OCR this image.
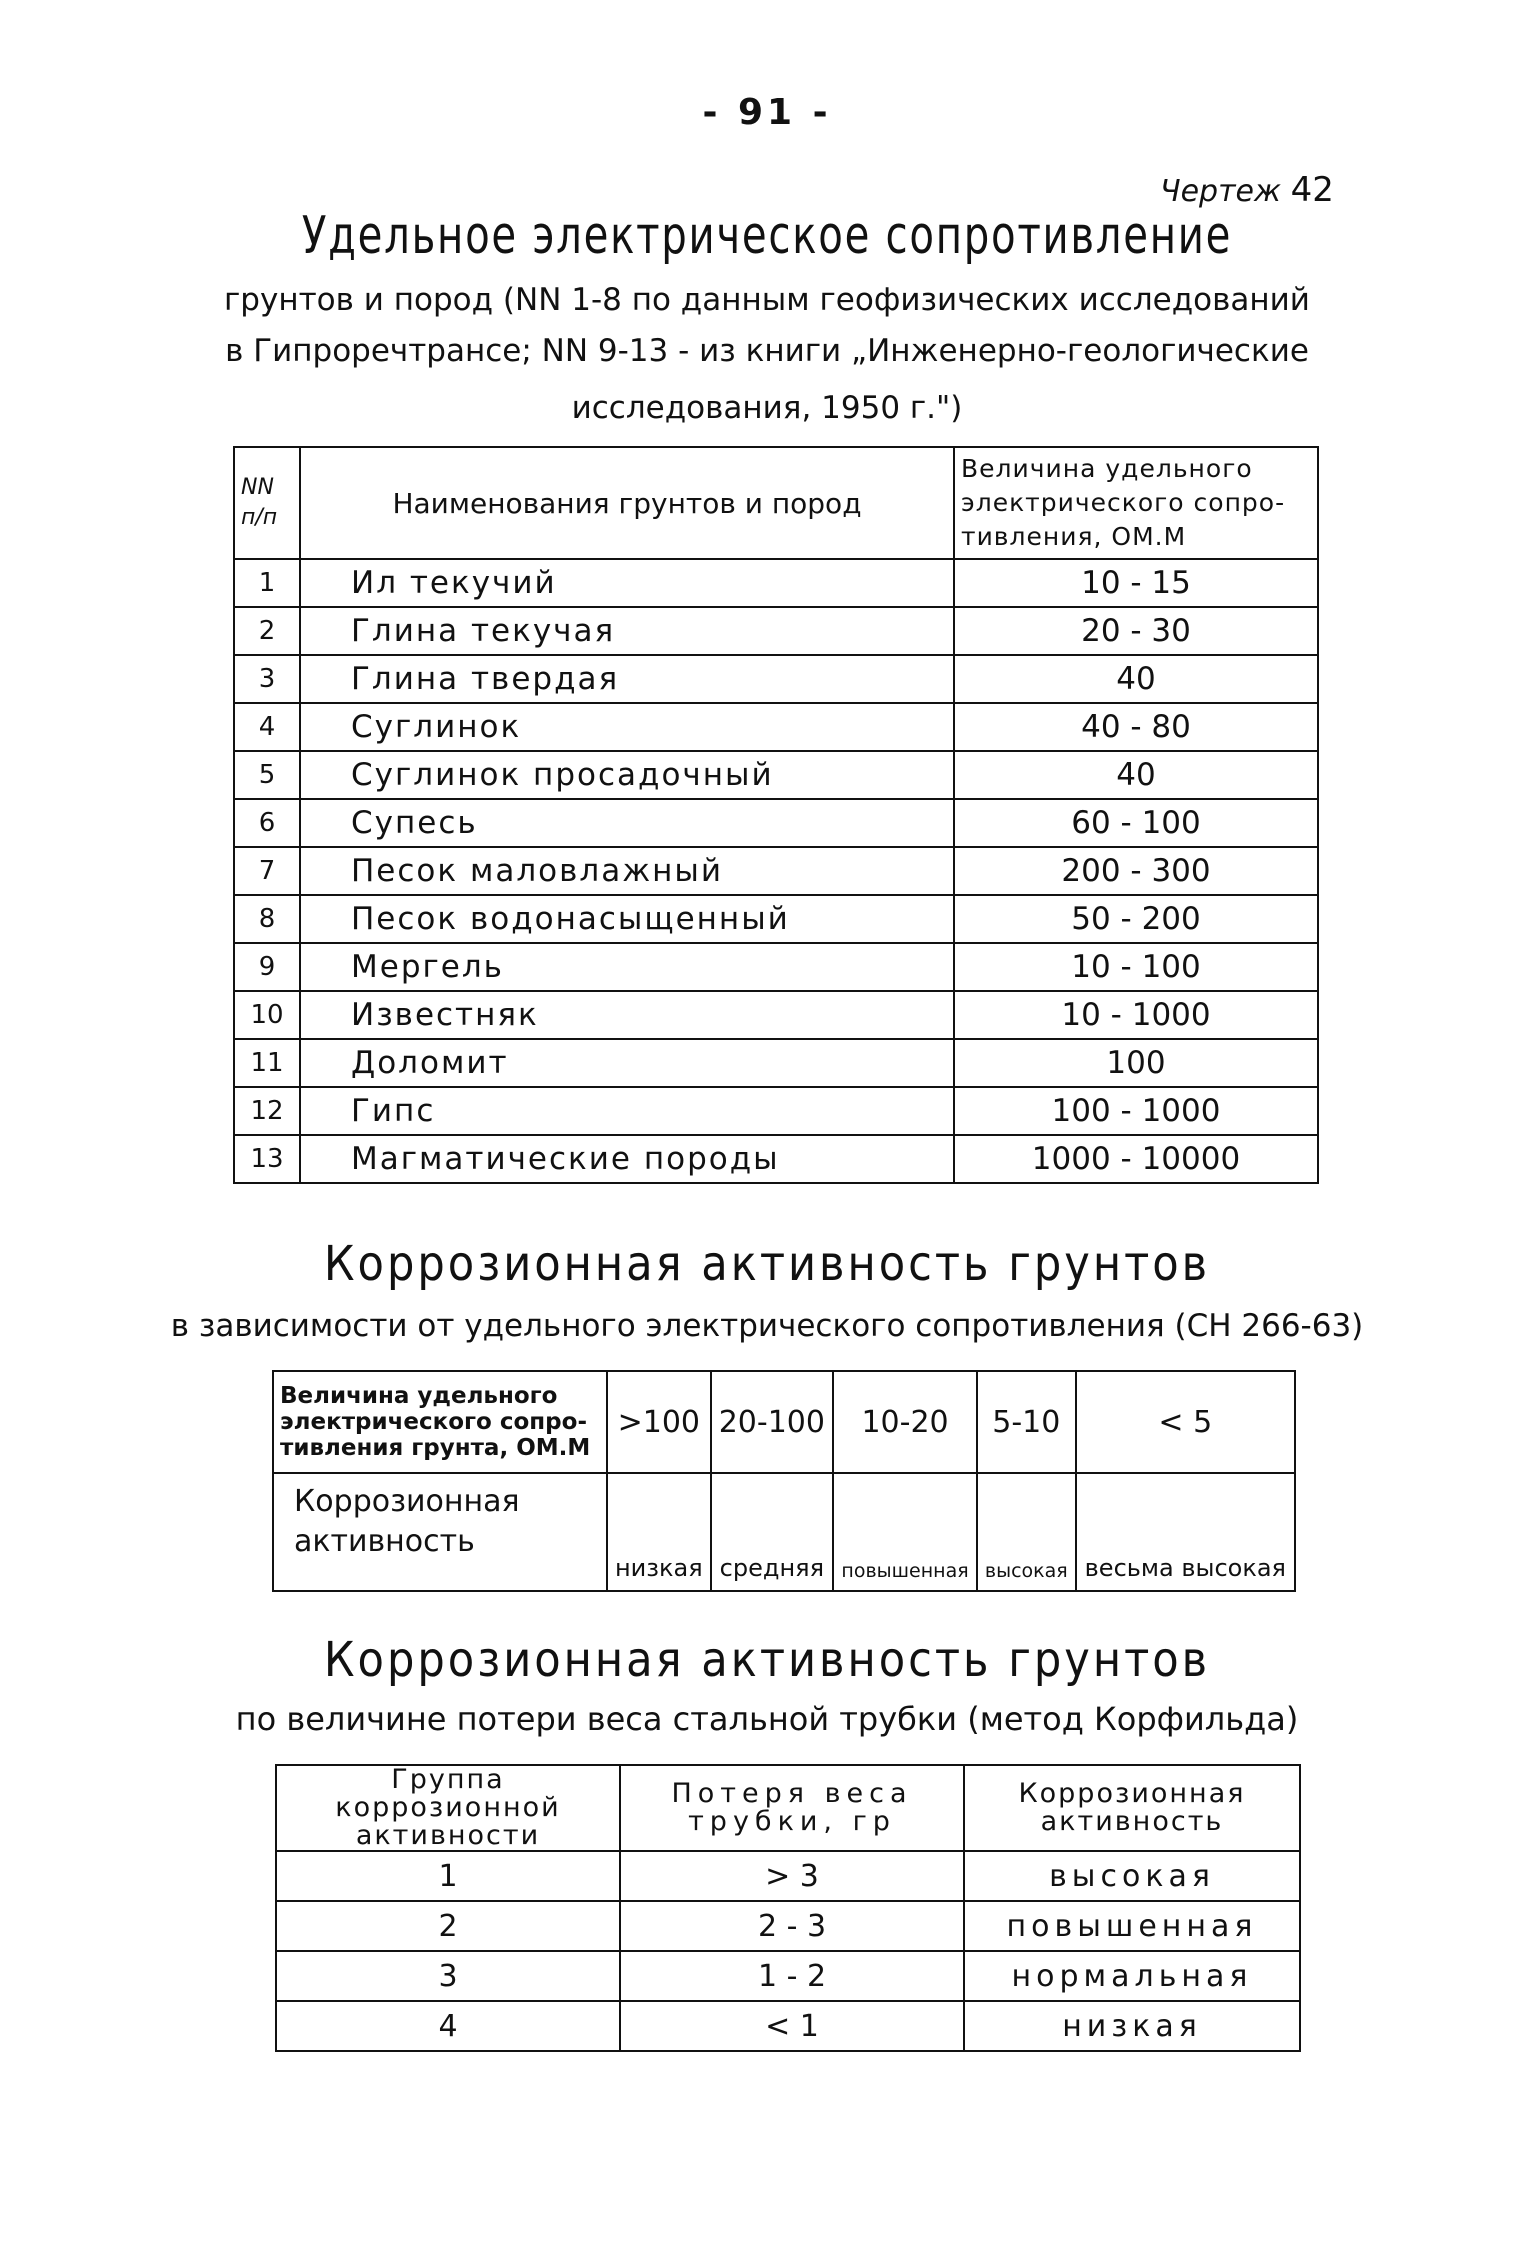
- 91 -
Чертеж 42
Удельное электрическое сопротивление
грунтов и пород (NN 1-8 по данным геофизических исследований
в Гипроречтрансе; NN 9-13 - из книги „Инженерно-геологические
исследования, 1950 г.")
NN п/п	Наименования грунтов и пород	Величина удельного электрического сопро-тивления, ОМ.М
1	Ил текучий	10 - 15
2	Глина текучая	20 - 30
3	Глина твердая	40
4	Суглинок	40 - 80
5	Суглинок просадочный	40
6	Супесь	60 - 100
7	Песок маловлажный	200 - 300
8	Песок водонасыщенный	50 - 200
9	Мергель	10 - 100
10	Известняк	10 - 1000
11	Доломит	100
12	Гипс	100 - 1000
13	Магматические породы	1000 - 10000
Коррозионная активность грунтов
в зависимости от удельного электрического сопротивления (СН 266-63)
Величина удельного электрического сопро-тивления грунта, ОМ.М	>100	20-100	10-20	5-10	< 5
Коррозионная активность	низкая	средняя	повышенная	высокая	весьма высокая
Коррозионная активность грунтов
по величине потери веса стальной трубки (метод Корфильда)
Группа коррозионной активности	Потеря веса трубки, гр	Коррозионная активность
1	> 3	высокая
2	2 - 3	повышенная
3	1 - 2	нормальная
4	< 1	низкая
